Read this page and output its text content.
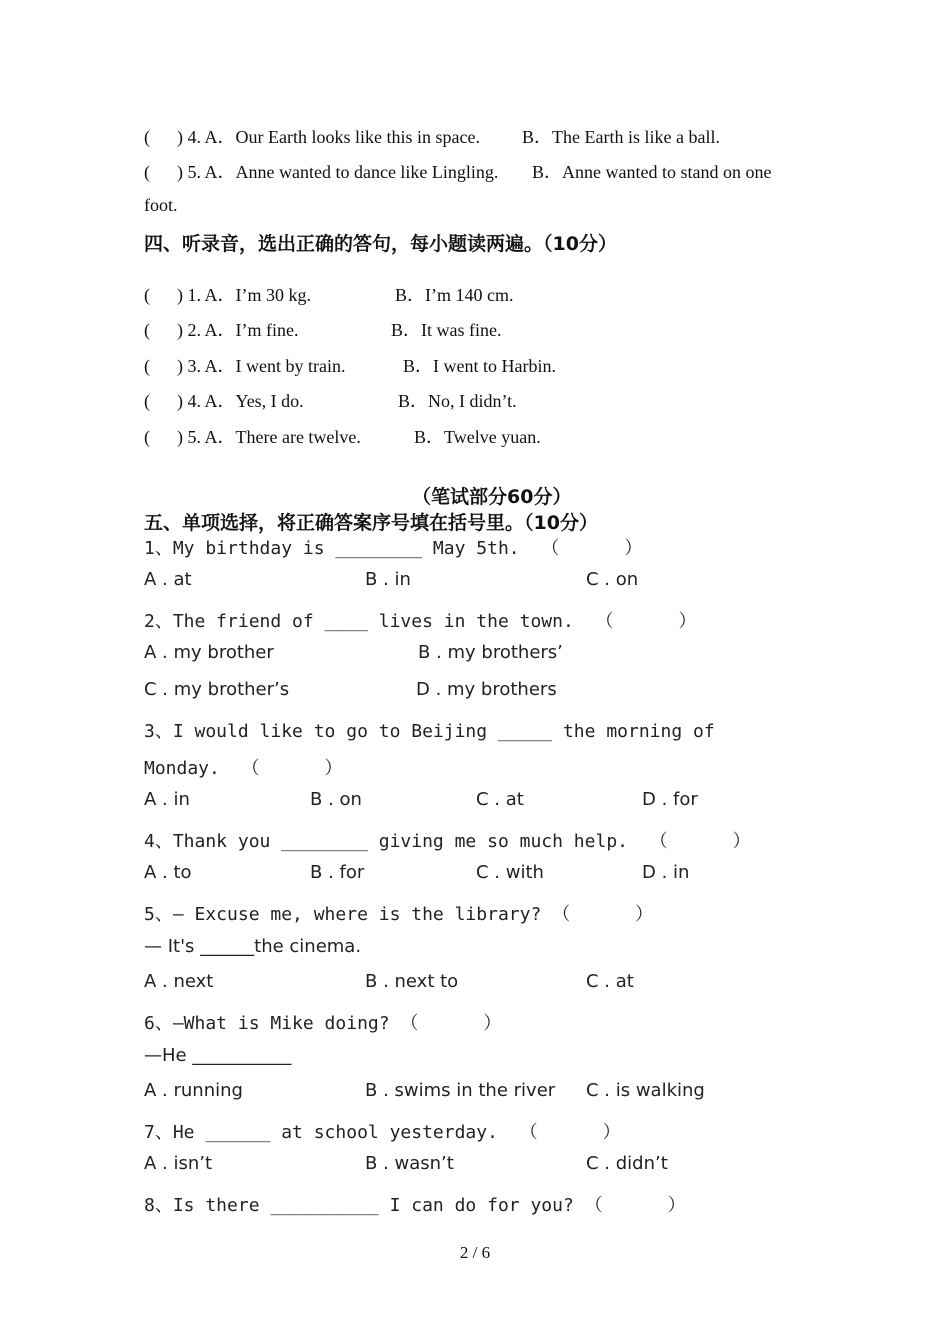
(      ) 4. A．Our Earth looks like this in space. B．The Earth is like a ball.
(      ) 5. A．Anne wanted to dance like Lingling. B．Anne wanted to stand on one
foot.
四、听录音，选出正确的答句，每小题读两遍。（10分）
(      ) 1. A．I’m 30 kg.	B．I’m 140 cm.
(      ) 2. A．I’m fine.	B．It was fine.
(      ) 3. A．I went by train.	B．I went to Harbin.
(      ) 4. A．Yes, I do.	B．No, I didn’t.
(      ) 5. A．There are twelve.	B．Twelve yuan.
（笔试部分60分）
五、单项选择，将正确答案序号填在括号里。（10分）
1、My birthday is ________ May 5th.  （      ）
A . at	B . in	C . on
2、The friend of ____ lives in the town.  （      ）
A . my brother	B . my brothers’
C . my brother’s	D . my brothers
3、I would like to go to Beijing _____ the morning of
Monday.  （      ）
A . in	B . on	C . at	D . for
4、Thank you ________ giving me so much help.  （      ）
A . to	B . for	C . with	D . in
5、— Excuse me, where is the library? （      ）
— It's ______the cinema.
A . next	B . next to	C . at
6、—What is Mike doing? （      ）
—He ___________
A . running	B . swims in the river C . is walking
7、He ______ at school yesterday.  （      ）
A . isn’t	B . wasn’t	C . didn’t
8、Is there __________ I can do for you? （      ）
2 / 6
